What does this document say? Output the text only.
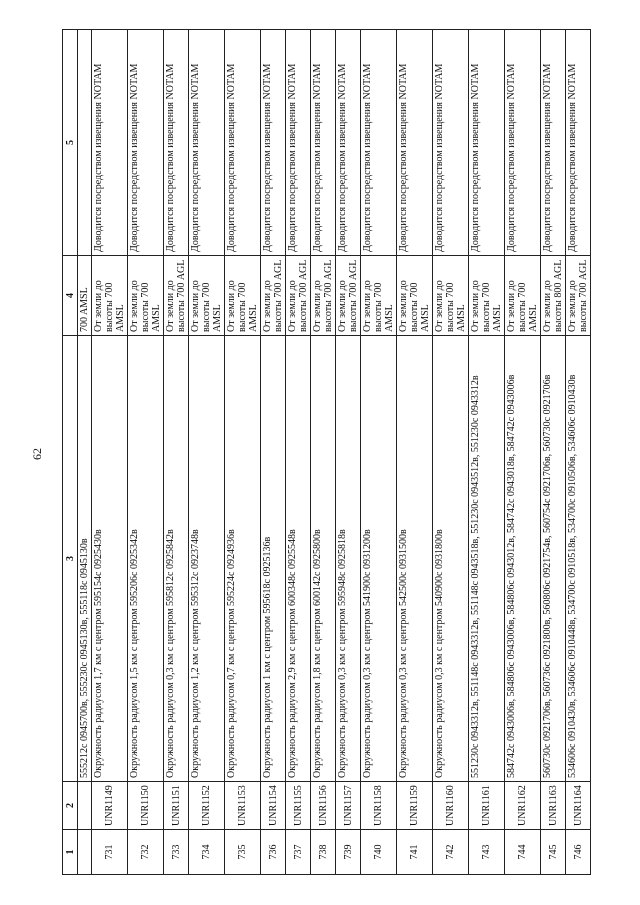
62
1	2	3	4	5
		555212с 0945700в, 555230с 0945130в, 555118с 0945130в	700 AMSL	
731	UNR1149	Окружность радиусом 1,7 км с центром 595154с 0925430в	От земли до высоты 700 AMSL	Доводится посредством извещения NOTAM
732	UNR1150	Окружность радиусом 1,5 км с центром 595206с 0925342в	От земли до высоты 700 AMSL	Доводится посредством извещения NOTAM
733	UNR1151	Окружность радиусом 0,3 км с центром 595812с 0925842в	От земли до высоты 700 AGL	Доводится посредством извещения NOTAM
734	UNR1152	Окружность радиусом 1,2 км с центром 595312с 0923748в	От земли до высоты 700 AMSL	Доводится посредством извещения NOTAM
735	UNR1153	Окружность радиусом 0,7 км с центром 595224с 0924936в	От земли до высоты 700 AMSL	Доводится посредством извещения NOTAM
736	UNR1154	Окружность радиусом 1 км с центром 595618с 0925136в	От земли до высоты 700 AGL	Доводится посредством извещения NOTAM
737	UNR1155	Окружность радиусом 2,9 км с центром 600348с 0925548в	От земли до высоты 700 AGL	Доводится посредством извещения NOTAM
738	UNR1156	Окружность радиусом 1,8 км с центром 600142с 0925800в	От земли до высоты 700 AGL	Доводится посредством извещения NOTAM
739	UNR1157	Окружность радиусом 0,3 км с центром 595948с 0925818в	От земли до высоты 700 AGL	Доводится посредством извещения NOTAM
740	UNR1158	Окружность радиусом 0,3 км с центром 541900с 0931200в	От земли до высоты 700 AMSL	Доводится посредством извещения NOTAM
741	UNR1159	Окружность радиусом 0,3 км с центром 542500с 0931500в	От земли до высоты 700 AMSL	Доводится посредством извещения NOTAM
742	UNR1160	Окружность радиусом 0,3 км с центром 540900с 0931800в	От земли до высоты 700 AMSL	Доводится посредством извещения NOTAM
743	UNR1161	551230с 0943312в, 551148с 0943312в, 551148с 0943518в, 551230с 0943512в, 551230с 0943312в	От земли до высоты 700 AMSL	Доводится посредством извещения NOTAM
744	UNR1162	584742с 0943006в, 584806с 0943006в, 584806с 0943012в, 584742с 0943018в, 584742с 0943006в	От земли до высоты 700 AMSL	Доводится посредством извещения NOTAM
745	UNR1163	560730с 0921706в, 560736с 0921800в, 560806с 0921754в, 560754с 0921706в, 560730с 0921706в	От земли до высоты 800 AGL	Доводится посредством извещения NOTAM
746	UNR1164	534606с 0910430в, 534606с 0910448в, 534700с 0910518в, 534700с 0910506в, 534606с 0910430в	От земли до высоты 700 AGL	Доводится посредством извещения NOTAM
